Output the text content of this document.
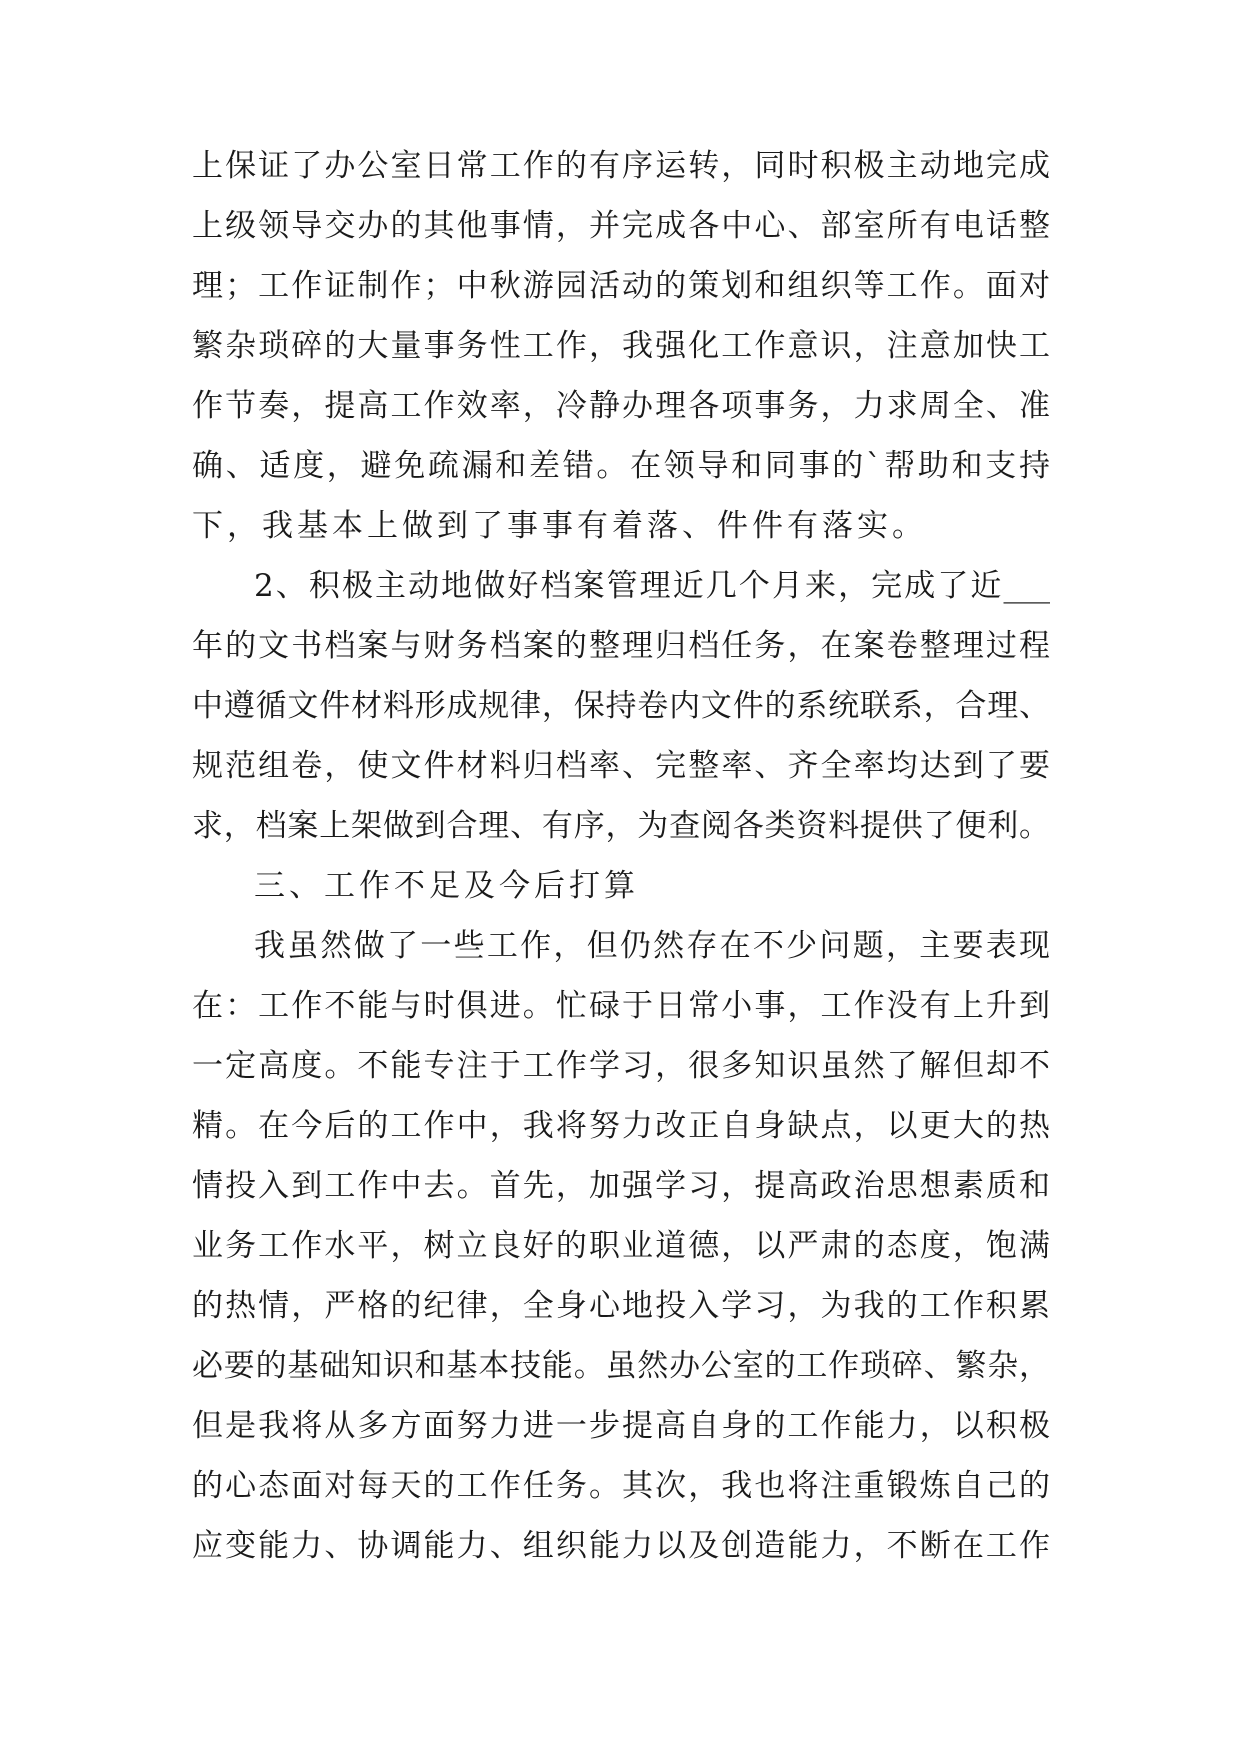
上保证了办公室日常工作的有序运转，同时积极主动地完成
上级领导交办的其他事情，并完成各中心、部室所有电话整
理；工作证制作；中秋游园活动的策划和组织等工作。面对
繁杂琐碎的大量事务性工作，我强化工作意识，注意加快工
作节奏，提高工作效率，冷静办理各项事务，力求周全、准
确、适度，避免疏漏和差错。在领导和同事的`帮助和支持
下，我基本上做到了事事有着落、件件有落实。
2、积极主动地做好档案管理近几个月来，完成了近___
年的文书档案与财务档案的整理归档任务，在案卷整理过程
中遵循文件材料形成规律，保持卷内文件的系统联系，合理、
规范组卷，使文件材料归档率、完整率、齐全率均达到了要
求，档案上架做到合理、有序，为查阅各类资料提供了便利。
三、工作不足及今后打算
我虽然做了一些工作，但仍然存在不少问题，主要表现
在：工作不能与时俱进。忙碌于日常小事，工作没有上升到
一定高度。不能专注于工作学习，很多知识虽然了解但却不
精。在今后的工作中，我将努力改正自身缺点，以更大的热
情投入到工作中去。首先，加强学习，提高政治思想素质和
业务工作水平，树立良好的职业道德，以严肃的态度，饱满
的热情，严格的纪律，全身心地投入学习，为我的工作积累
必要的基础知识和基本技能。虽然办公室的工作琐碎、繁杂，
但是我将从多方面努力进一步提高自身的工作能力，以积极
的心态面对每天的工作任务。其次，我也将注重锻炼自己的
应变能力、协调能力、组织能力以及创造能力，不断在工作
